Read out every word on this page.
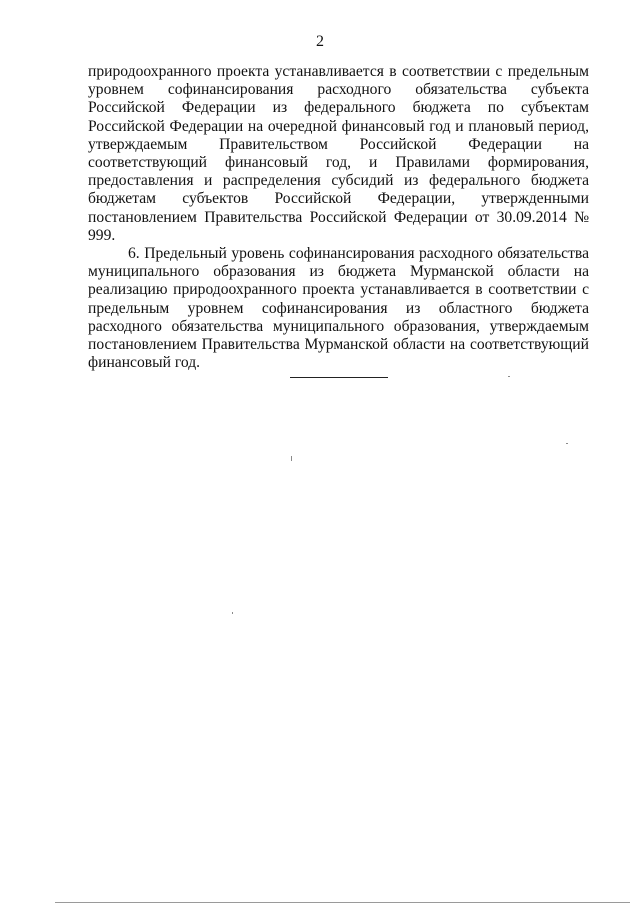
2

природоохранного проекта устанавливается в соответствии с предельным уровнем софинансирования расходного обязательства субъекта Российской Федерации из федерального бюджета по субъектам Российской Федерации на очередной финансовый год и плановый период, утверждаемым Правительством Российской Федерации на соответствующий финансовый год, и Правилами формирования, предоставления и распределения субсидий из федерального бюджета бюджетам субъектов Российской Федерации, утвержденными постановлением Правительства Российской Федерации от 30.09.2014 № 999.

6. Предельный уровень софинансирования расходного обязательства муниципального образования из бюджета Мурманской области на реализацию природоохранного проекта устанавливается в соответствии с предельным уровнем софинансирования из областного бюджета расходного обязательства муниципального образования, утверждаемым постановлением Правительства Мурманской области на соответствующий финансовый год.
